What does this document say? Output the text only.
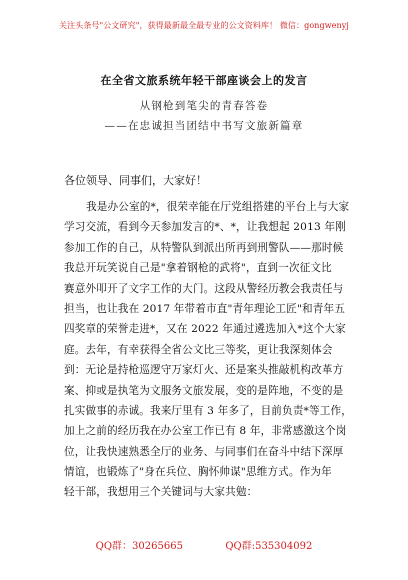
关注头条号"公文研究"，获得最新最全最专业的公文资料库！ 微信：gongwenyj
在全省文旅系统年轻干部座谈会上的发言
从钢枪到笔尖的青春答卷
——在忠诚担当团结中书写文旅新篇章
各位领导、同事们，大家好！
我是办公室的*，很荣幸能在厅党组搭建的平台上与大家
学习交流，看到今天参加发言的*、*，让我想起 2013 年刚
参加工作的自己，从特警队到派出所再到刑警队——那时候
我总开玩笑说自己是"拿着钢枪的武将"，直到一次征文比
赛意外叩开了文字工作的大门。这段从警经历教会我责任与
担当，也让我在 2017 年带着市直"青年理论工匠"和青年五
四奖章的荣誉走进*，又在 2022 年通过遴选加入*这个大家
庭。去年，有幸获得全省公文比三等奖，更让我深刻体会
到：无论是持枪巡逻守万家灯火、还是案头推敲机构改革方
案、抑或是执笔为文服务文旅发展，变的是阵地，不变的是
扎实做事的赤诚。我来厅里有 3 年多了，目前负责*等工作，
加上之前的经历我在办公室工作已有 8 年，非常感激这个岗
位，让我快速熟悉全厅的业务、与同事们在奋斗中结下深厚
情谊，也锻炼了"身在兵位、胸怀帅谋"思维方式。作为年
轻干部，我想用三个关键词与大家共勉：
QQ群：30265665	QQ群:535304092
